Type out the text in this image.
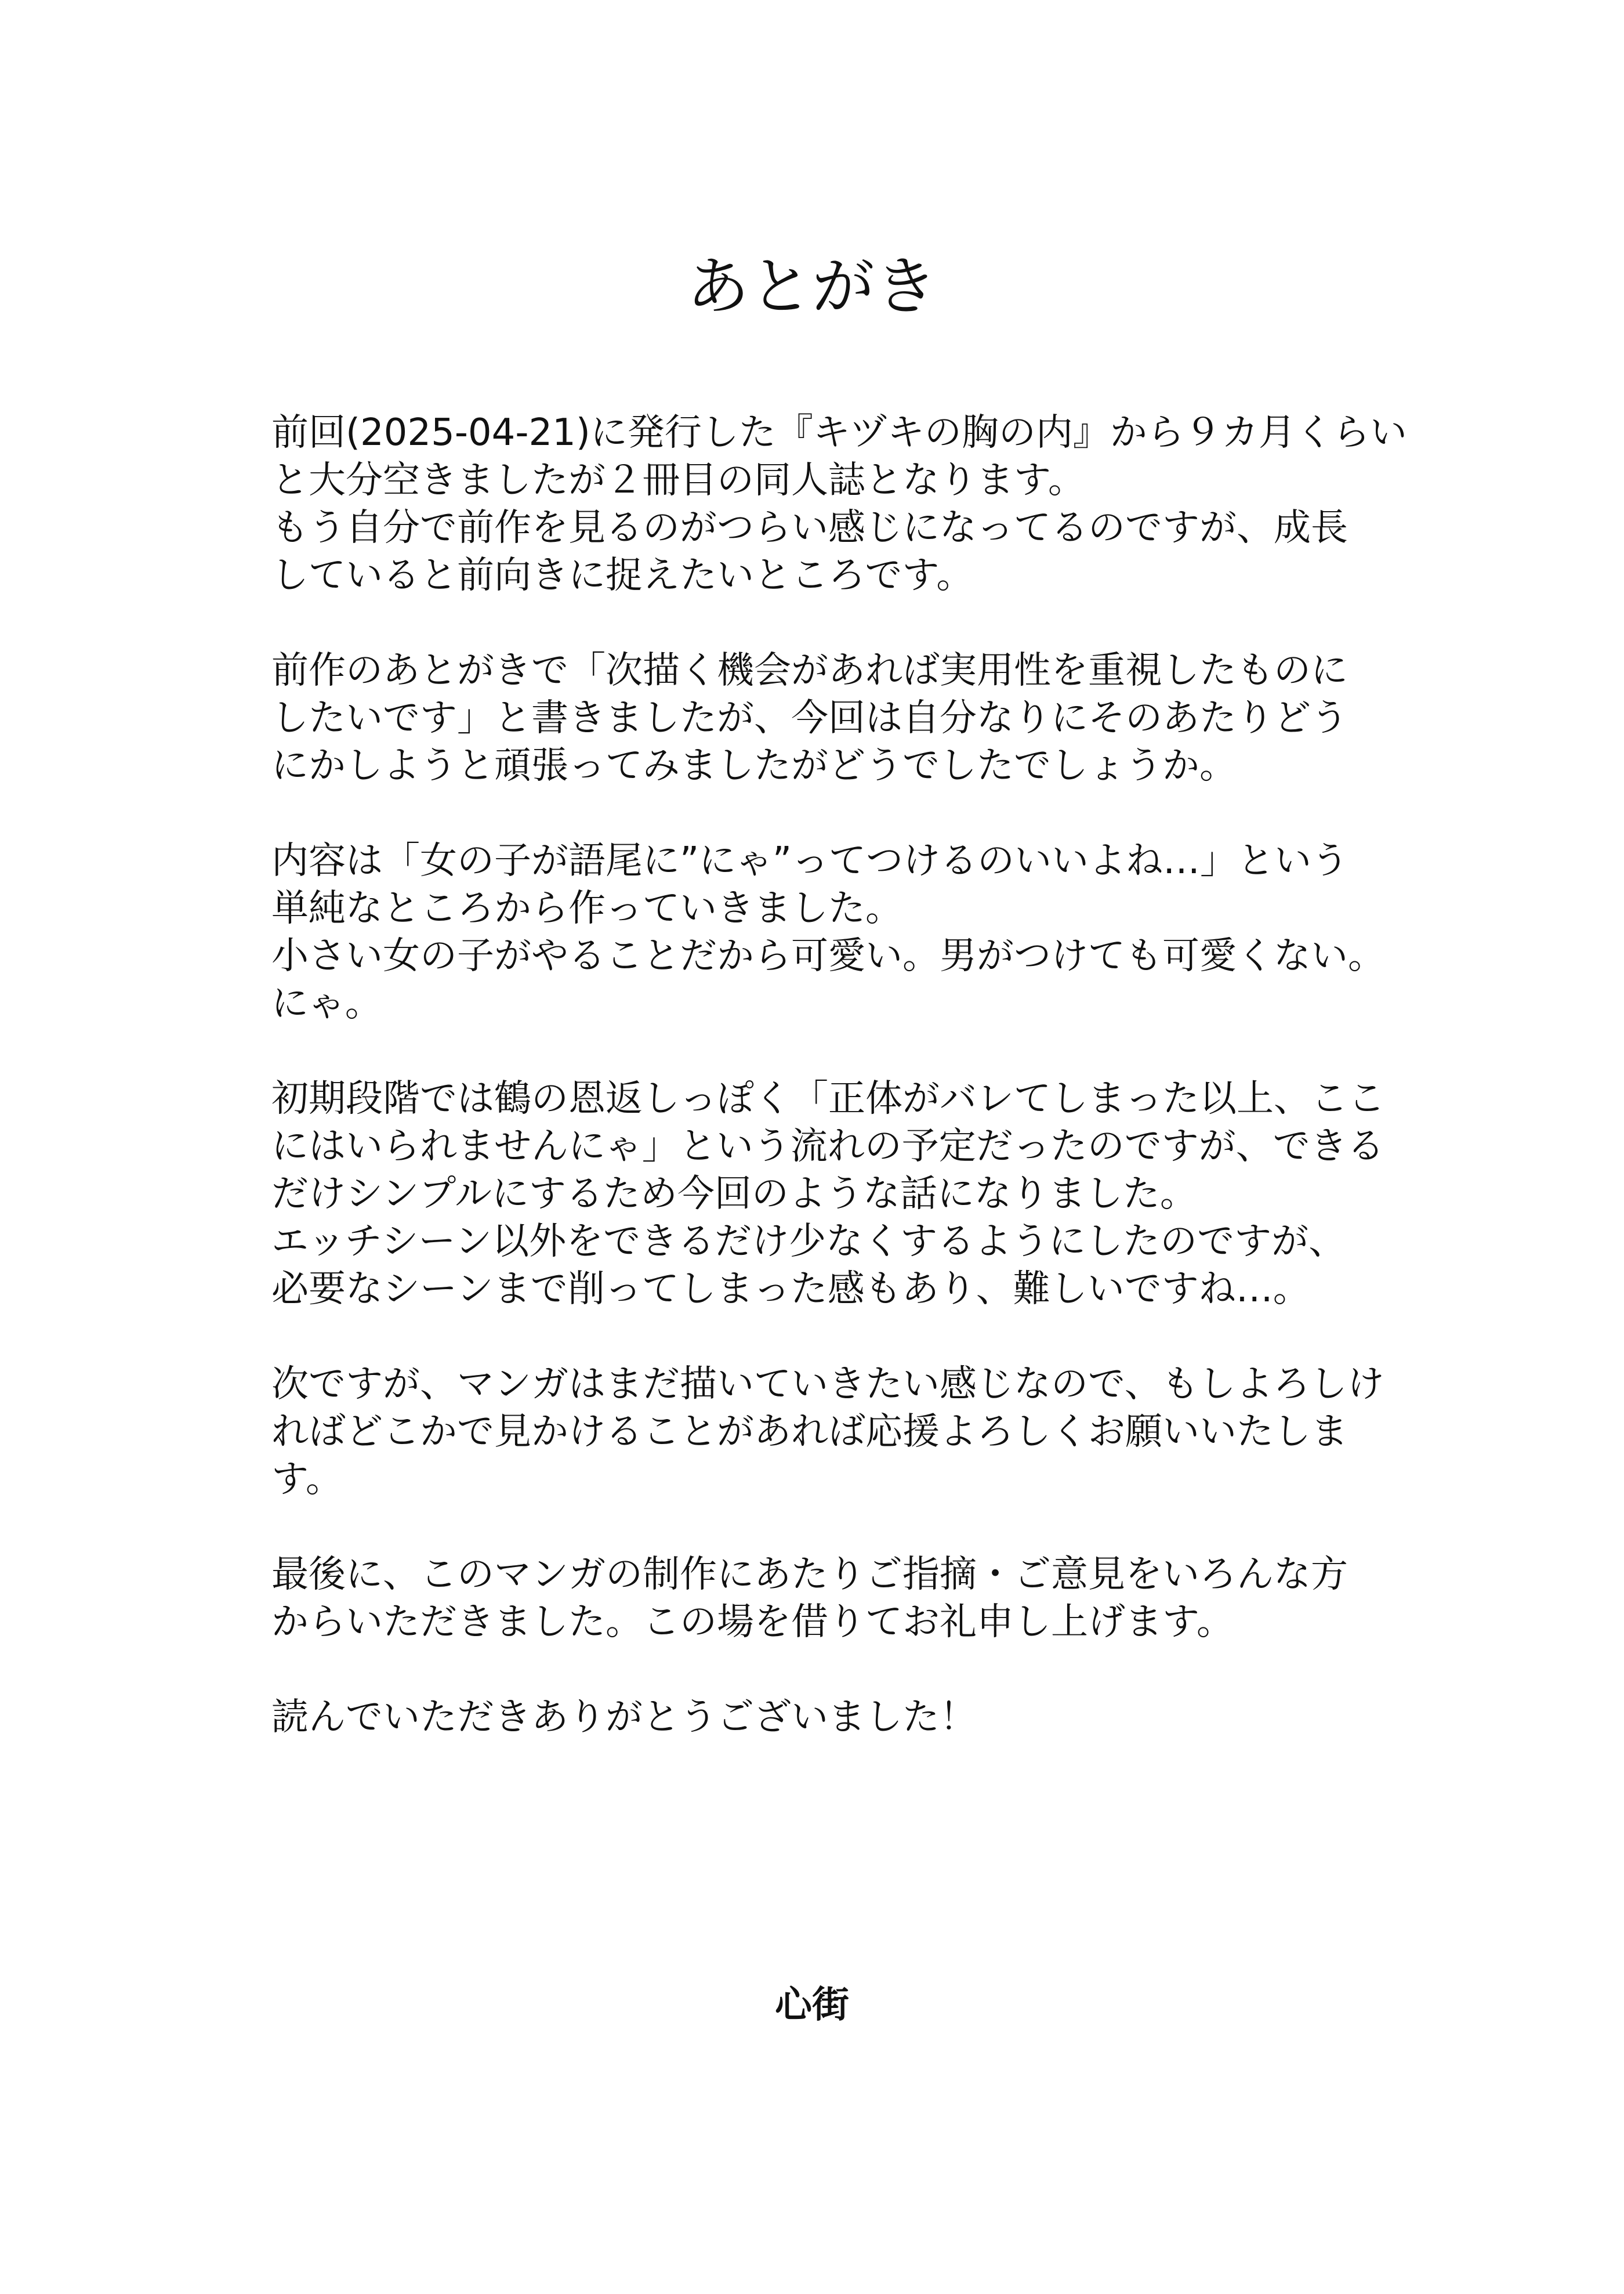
あとがき
前回(2025-04-21)に発行した『キヅキの胸の内』から９カ月くらい
と大分空きましたが２冊目の同人誌となります。
もう自分で前作を見るのがつらい感じになってるのですが、成長
していると前向きに捉えたいところです。
前作のあとがきで「次描く機会があれば実用性を重視したものに
したいです」と書きましたが、今回は自分なりにそのあたりどう
にかしようと頑張ってみましたがどうでしたでしょうか。
内容は「女の子が語尾に”にゃ”ってつけるのいいよね…」という
単純なところから作っていきました。
小さい女の子がやることだから可愛い。男がつけても可愛くない。
にゃ。
初期段階では鶴の恩返しっぽく「正体がバレてしまった以上、ここ
にはいられませんにゃ」という流れの予定だったのですが、できる
だけシンプルにするため今回のような話になりました。
エッチシーン以外をできるだけ少なくするようにしたのですが、
必要なシーンまで削ってしまった感もあり、難しいですね…。
次ですが、マンガはまだ描いていきたい感じなので、もしよろしけ
ればどこかで見かけることがあれば応援よろしくお願いいたしま
す。
最後に、このマンガの制作にあたりご指摘・ご意見をいろんな方
からいただきました。この場を借りてお礼申し上げます。
読んでいただきありがとうございました！
心街
